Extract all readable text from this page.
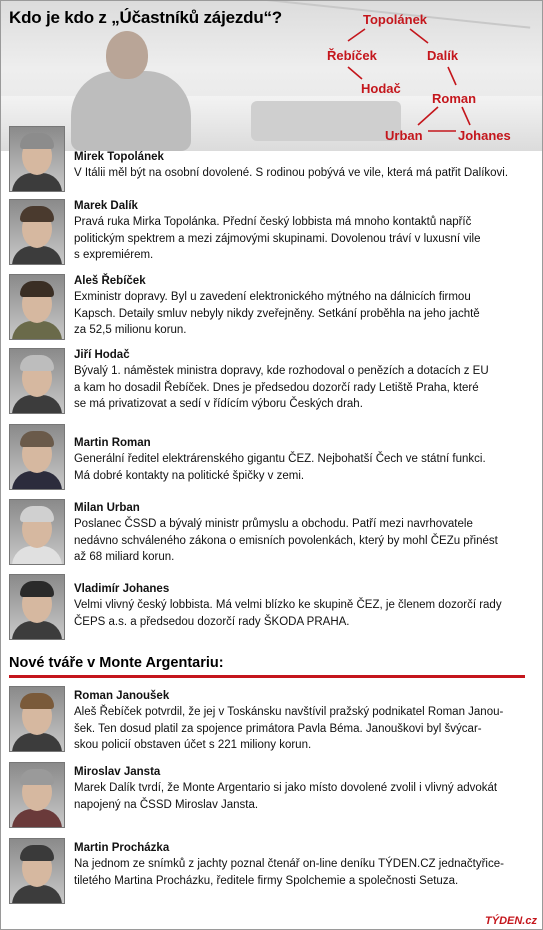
Kdo je kdo z „Účastníků zájezdu“?	Topolánek
Řebíček	Dalík
Hodač
Roman
Urban	Johanes

Mirek Topolánek

V Itálii měl být na osobní dovolené. S rodinou pobývá ve vile, která má patřit Dalíkovi.

Marek Dalík

Pravá ruka Mirka Topolánka. Přední český lobbista má mnoho kontaktů napříč
politickým spektrem a mezi zájmovými skupinami. Dovolenou tráví v luxusní vile
s expremiérem.

Aleš Řebíček

Exministr dopravy. Byl u zavedení elektronického mýtného na dálnicích firmou
Kapsch. Detaily smluv nebyly nikdy zveřejněny. Setkání proběhla na jeho jachtě
za 52,5 milionu korun.

Jiří Hodač

Bývalý 1. náměstek ministra dopravy, kde rozhodoval o penězích a dotacích z EU
a kam ho dosadil Řebíček. Dnes je předsedou dozorčí rady Letiště Praha, které
se má privatizovat a sedí v řídícím výboru Českých drah.

Martin Roman

Generální ředitel elektrárenského gigantu ČEZ. Nejbohatší Čech ve státní funkci.
Má dobré kontakty na politické špičky v zemi.

Milan Urban

Poslanec ČSSD a bývalý ministr průmyslu a obchodu. Patří mezi navrhovatele
nedávno schváleného zákona o emisních povolenkách, který by mohl ČEZu přinést
až 68 miliard korun.

Vladimír Johanes

Velmi vlivný český lobbista. Má velmi blízko ke skupině ČEZ, je členem dozorčí rady
ČEPS a.s. a předsedou dozorčí rady ŠKODA PRAHA.

Nové tváře v Monte Argentariu:

Roman Janoušek

Aleš Řebíček potvrdil, že jej v Toskánsku navštívil pražský podnikatel Roman Janou-
šek. Ten dosud platil za spojence primátora Pavla Béma. Janouškovi byl švýcar-
skou policií obstaven účet s 221 miliony korun.

Miroslav Jansta

Marek Dalík tvrdí, že Monte Argentario si jako místo dovolené zvolil i vlivný advokát
napojený na ČSSD Miroslav Jansta.

Martin Procházka

Na jednom ze snímků z jachty poznal čtenář on-line deníku TÝDEN.CZ jednačtyřice-
tiletého Martina Procházku, ředitele firmy Spolchemie a společnosti Setuza.

TÝDEN.cz
